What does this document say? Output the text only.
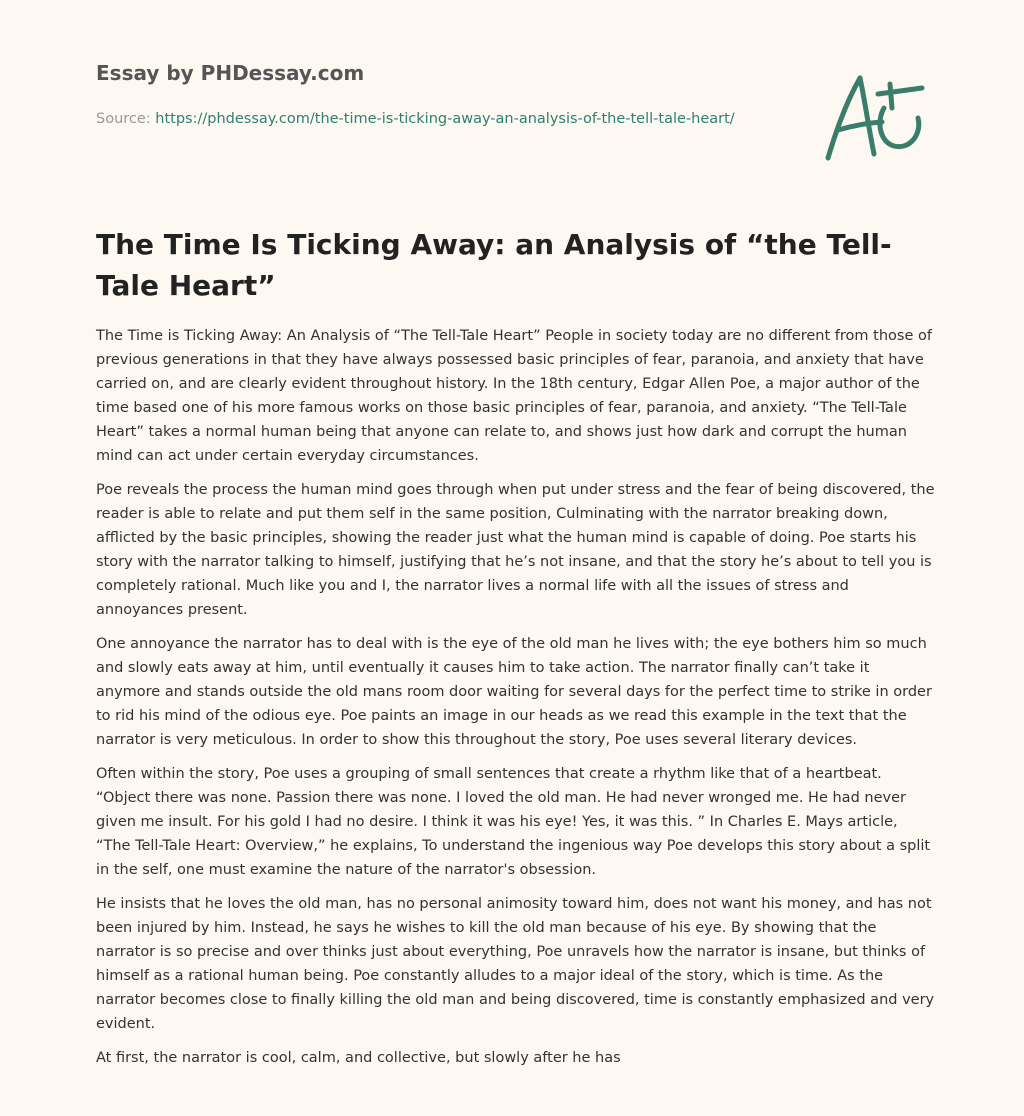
Essay by PHDessay.com
Source: https://phdessay.com/the-time-is-ticking-away-an-analysis-of-the-tell-tale-heart/
The Time Is Ticking Away: an Analysis of “the Tell-Tale Heart”

The Time is Ticking Away: An Analysis of “The Tell-Tale Heart” People in society today are no different from those of previous generations in that they have always possessed basic principles of fear, paranoia, and anxiety that have carried on, and are clearly evident throughout history. In the 18th century, Edgar Allen Poe, a major author of the time based one of his more famous works on those basic principles of fear, paranoia, and anxiety. “The Tell-Tale Heart” takes a normal human being that anyone can relate to, and shows just how dark and corrupt the human mind can act under certain everyday circumstances.

Poe reveals the process the human mind goes through when put under stress and the fear of being discovered, the reader is able to relate and put them self in the same position, Culminating with the narrator breaking down, afflicted by the basic principles, showing the reader just what the human mind is capable of doing. Poe starts his story with the narrator talking to himself, justifying that he’s not insane, and that the story he’s about to tell you is completely rational. Much like you and I, the narrator lives a normal life with all the issues of stress and annoyances present.

One annoyance the narrator has to deal with is the eye of the old man he lives with; the eye bothers him so much and slowly eats away at him, until eventually it causes him to take action. The narrator finally can’t take it anymore and stands outside the old mans room door waiting for several days for the perfect time to strike in order to rid his mind of the odious eye. Poe paints an image in our heads as we read this example in the text that the narrator is very meticulous. In order to show this throughout the story, Poe uses several literary devices.

Often within the story, Poe uses a grouping of small sentences that create a rhythm like that of a heartbeat. “Object there was none. Passion there was none. I loved the old man. He had never wronged me. He had never given me insult. For his gold I had no desire. I think it was his eye! Yes, it was this. ” In Charles E. Mays article, “The Tell-Tale Heart: Overview,” he explains, To understand the ingenious way Poe develops this story about a split in the self, one must examine the nature of the narrator's obsession.

He insists that he loves the old man, has no personal animosity toward him, does not want his money, and has not been injured by him. Instead, he says he wishes to kill the old man because of his eye. By showing that the narrator is so precise and over thinks just about everything, Poe unravels how the narrator is insane, but thinks of himself as a rational human being. Poe constantly alludes to a major ideal of the story, which is time. As the narrator becomes close to finally killing the old man and being discovered, time is constantly emphasized and very evident.

At first, the narrator is cool, calm, and collective, but slowly after he has
